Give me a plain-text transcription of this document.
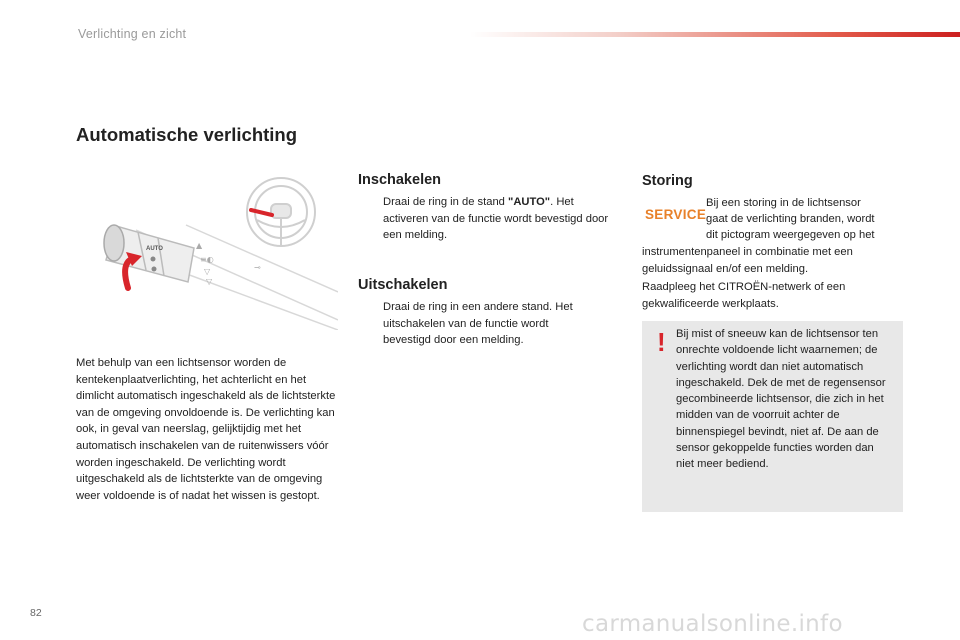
Verlichting en zicht
Automatische verlichting
AUTO	▲
≡◐
▽
▽
⊸
Met behulp van een lichtsensor worden de kentekenplaatverlichting, het achterlicht en het dimlicht automatisch ingeschakeld als de lichtsterkte van de omgeving onvoldoende is. De verlichting kan ook, in geval van neerslag, gelijktijdig met het automatisch inschakelen van de ruitenwissers vóór worden ingeschakeld. De verlichting wordt uitgeschakeld als de lichtsterkte van de omgeving weer voldoende is of nadat het wissen is gestopt.
Inschakelen
Draai de ring in de stand "AUTO". Het activeren van de functie wordt bevestigd door een melding.
Uitschakelen
Draai de ring in een andere stand. Het uitschakelen van de functie wordt bevestigd door een melding.
Storing
SERVICE
Bij een storing in de lichtsensor
gaat de verlichting branden, wordt
dit pictogram weergegeven op het
instrumentenpaneel in combinatie met een geluidssignaal en/of een melding.
Raadpleeg het CITROËN-netwerk of een gekwalificeerde werkplaats.
! Bij mist of sneeuw kan de lichtsensor ten onrechte voldoende licht waarnemen; de verlichting wordt dan niet automatisch ingeschakeld. Dek de met de regensensor gecombineerde lichtsensor, die zich in het midden van de voorruit achter de binnenspiegel bevindt, niet af. De aan de sensor gekoppelde functies worden dan niet meer bediend.
82	carmanualsonline.info
